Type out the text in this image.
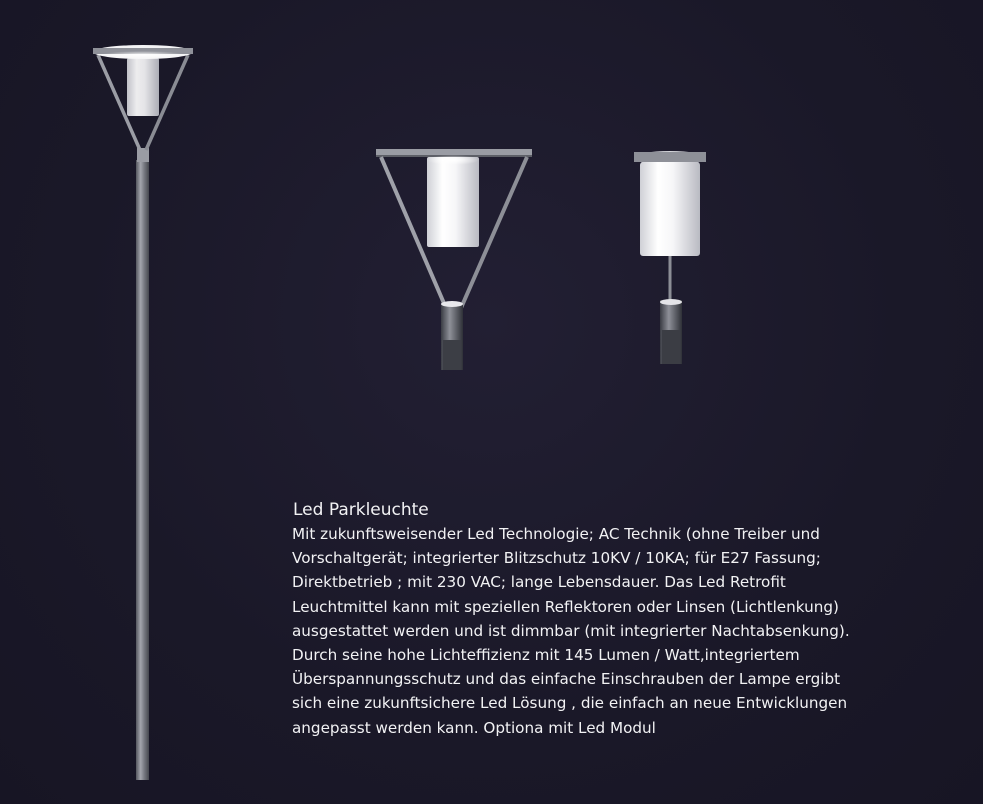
Led Parkleuchte

Mit zukunftsweisender Led Technologie; AC Technik (ohne Treiber und

Vorschaltgerät; integrierter Blitzschutz 10KV / 10KA; für E27 Fassung;

Direktbetrieb ; mit 230 VAC; lange Lebensdauer. Das Led Retrofit

Leuchtmittel kann mit speziellen Reflektoren oder Linsen (Lichtlenkung)

ausgestattet werden und ist dimmbar (mit integrierter Nachtabsenkung).

Durch seine hohe Lichteffizienz mit 145 Lumen / Watt,integriertem

Überspannungsschutz und das einfache Einschrauben der Lampe ergibt

sich eine zukunftsichere Led Lösung , die einfach an neue Entwicklungen

angepasst werden kann. Optiona mit Led Modul
